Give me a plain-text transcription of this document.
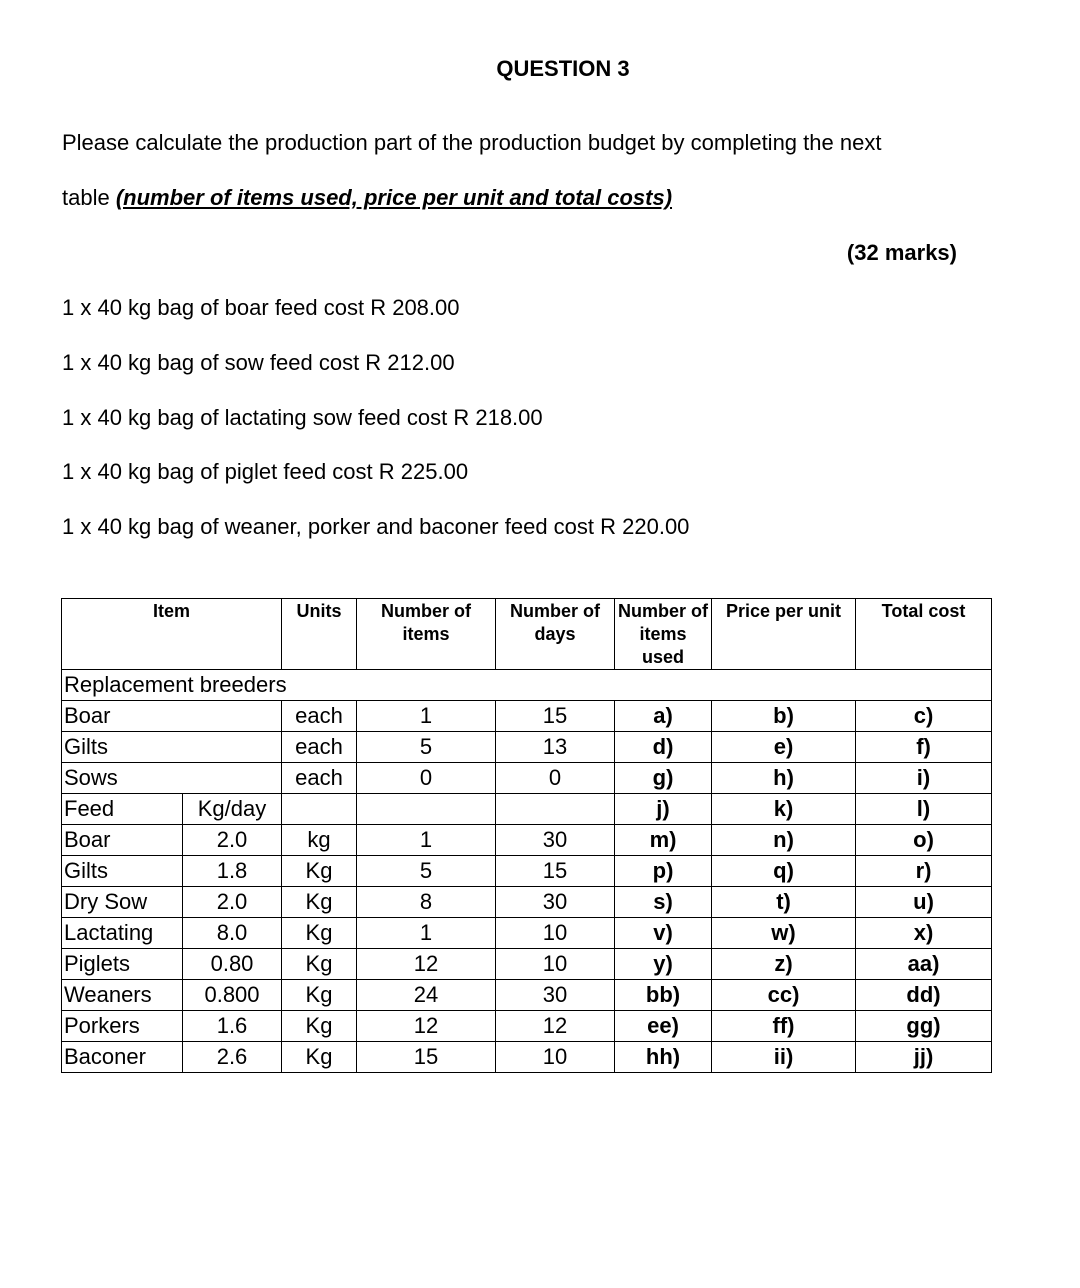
QUESTION 3

Please calculate the production part of the production budget by completing the next

table (number of items used, price per unit and total costs)

(32 marks)

1 x 40 kg bag of boar feed cost R 208.00

1 x 40 kg bag of sow feed cost R 212.00

1 x 40 kg bag of lactating sow feed cost R 218.00

1 x 40 kg bag of piglet feed cost R 225.00

1 x 40 kg bag of weaner, porker and baconer feed cost R 220.00

Item		Units	Number of items	Number of days	Number of items used	Price per unit	Total cost
Replacement breeders							
Boar		each	1	15	a)	b)	c)
Gilts		each	5	13	d)	e)	f)
Sows		each	0	0	g)	h)	i)
Feed	Kg/day				j)	k)	l)
Boar	2.0	kg	1	30	m)	n)	o)
Gilts	1.8	Kg	5	15	p)	q)	r)
Dry Sow	2.0	Kg	8	30	s)	t)	u)
Lactating	8.0	Kg	1	10	v)	w)	x)
Piglets	0.80	Kg	12	10	y)	z)	aa)
Weaners	0.800	Kg	24	30	bb)	cc)	dd)
Porkers	1.6	Kg	12	12	ee)	ff)	gg)
Baconer	2.6	Kg	15	10	hh)	ii)	jj)
